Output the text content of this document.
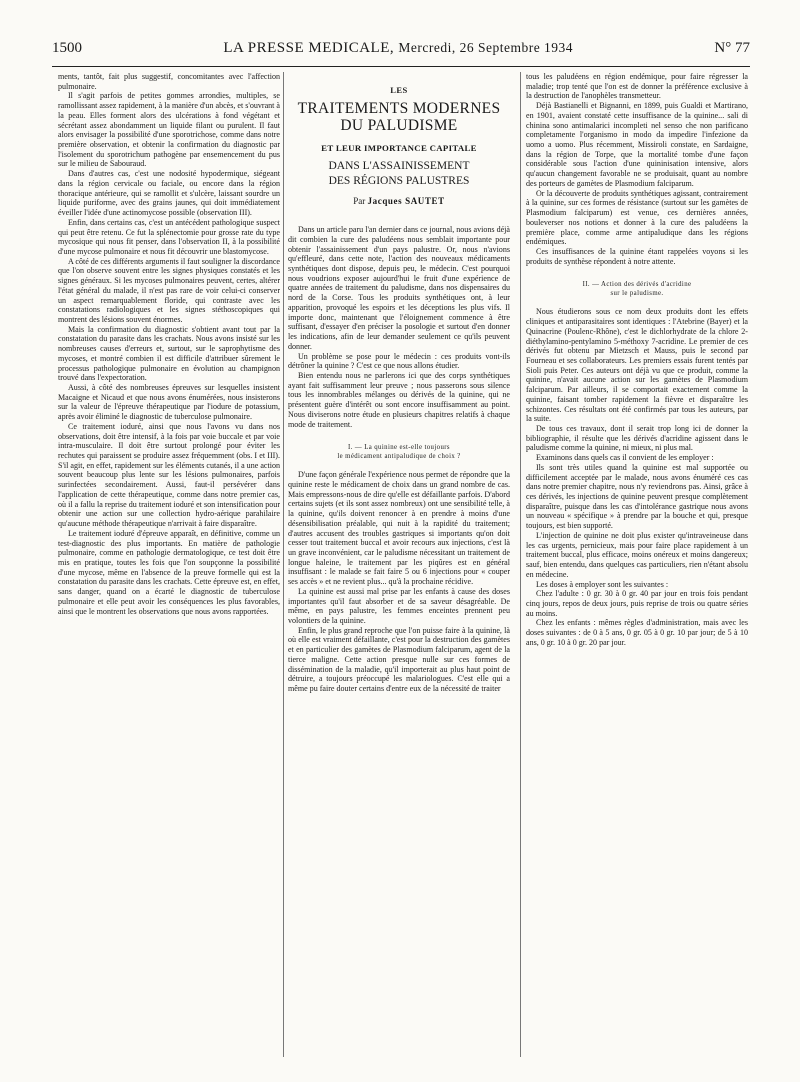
1500	LA PRESSE MEDICALE, Mercredi, 26 Septembre 1934	N° 77

ments, tantôt, fait plus suggestif, concomitantes avec l'affection pulmonaire.

Il s'agit parfois de petites gommes arrondies, multiples, se ramollissant assez rapidement, à la manière d'un abcès, et s'ouvrant à la peau. Elles forment alors des ulcérations à fond végétant et sécrétant assez abondamment un liquide filant ou purulent. Il faut alors envisager la possibilité d'une sporotrichose, comme dans notre première observation, et obtenir la confirmation du diagnostic par l'isolement du sporotrichum pathogène par ensemencement du pus sur le milieu de Sabouraud.

Dans d'autres cas, c'est une nodosité hypodermique, siégeant dans la région cervicale ou faciale, ou encore dans la région thoracique antérieure, qui se ramollit et s'ulcère, laissant sourdre un liquide puriforme, avec des grains jaunes, qui doit immédiatement éveiller l'idée d'une actinomycose possible (observation III).

Enfin, dans certains cas, c'est un antécédent pathologique suspect qui peut être retenu. Ce fut la splénectomie pour grosse rate du type mycosique qui nous fit penser, dans l'observation II, à la possibilité d'une mycose pulmonaire et nous fit découvrir une blastomycose.

A côté de ces différents arguments il faut souligner la discordance que l'on observe souvent entre les signes physiques constatés et les signes généraux. Si les mycoses pulmonaires peuvent, certes, altérer l'état général du malade, il n'est pas rare de voir celui-ci conserver un aspect remarquablement floride, qui contraste avec les constatations radiologiques et les signes stéthoscopiques qui montrent des lésions souvent énormes.

Mais la confirmation du diagnostic s'obtient avant tout par la constatation du parasite dans les crachats. Nous avons insisté sur les nombreuses causes d'erreurs et, surtout, sur le saprophytisme des mycoses, et montré combien il est difficile d'attribuer sûrement le processus pathologique pulmonaire en évolution au champignon trouvé dans l'expectoration.

Aussi, à côté des nombreuses épreuves sur lesquelles insistent Macaigne et Nicaud et que nous avons énumérées, nous insisterons sur la valeur de l'épreuve thérapeutique par l'iodure de potassium, après avoir éliminé le diagnostic de tuberculose pulmonaire.

Ce traitement ioduré, ainsi que nous l'avons vu dans nos observations, doit être intensif, à la fois par voie buccale et par voie intra-musculaire. Il doit être surtout prolongé pour éviter les rechutes qui paraissent se produire assez fréquemment (obs. I et III). S'il agit, en effet, rapidement sur les éléments cutanés, il a une action souvent beaucoup plus lente sur les lésions pulmonaires, parfois surinfectées secondairement. Aussi, faut-il persévérer dans l'application de cette thérapeutique, comme dans notre premier cas, où il a fallu la reprise du traitement ioduré et son intensification pour obtenir une action sur une collection hydro-aérique parahilaire qu'aucune méthode thérapeutique n'arrivait à faire disparaître.

Le traitement ioduré d'épreuve apparaît, en définitive, comme un test-diagnostic des plus importants. En matière de pathologie pulmonaire, comme en pathologie dermatologique, ce test doit être mis en pratique, toutes les fois que l'on soupçonne la possibilité d'une mycose, même en l'absence de la preuve formelle qui est la constatation du parasite dans les crachats. Cette épreuve est, en effet, sans danger, quand on a écarté le diagnostic de tuberculose pulmonaire et elle peut avoir les conséquences les plus favorables, ainsi que le montrent les observations que nous avons rapportées.

LES
TRAITEMENTS MODERNES
DU PALUDISME
ET LEUR IMPORTANCE CAPITALE
DANS L'ASSAINISSEMENT
DES RÉGIONS PALUSTRES
Par Jacques SAUTET

Dans un article paru l'an dernier dans ce journal, nous avions déjà dit combien la cure des paludéens nous semblait importante pour obtenir l'assainissement d'un pays palustre. Or, nous n'avions qu'effleuré, dans cette note, l'action des nouveaux médicaments synthétiques dont dispose, depuis peu, le médecin. C'est pourquoi nous voudrions exposer aujourd'hui le fruit d'une expérience de quatre années de traitement du paludisme, dans nos dispensaires du nord de la Corse. Tous les produits synthétiques ont, à leur apparition, provoqué les espoirs et les déceptions les plus vifs. Il importe donc, maintenant que l'éloignement commence à être suffisant, d'essayer d'en préciser la posologie et surtout d'en donner les indications, afin de leur demander seulement ce qu'ils peuvent donner.

Un problème se pose pour le médecin : ces produits vont-ils détrôner la quinine ? C'est ce que nous allons étudier.

Bien entendu nous ne parlerons ici que des corps synthétiques ayant fait suffisamment leur preuve ; nous passerons sous silence tous les innombrables mélanges ou dérivés de la quinine, qui ne présentent guère d'intérêt ou sont encore insuffisamment au point. Nous diviserons notre étude en plusieurs chapitres relatifs à chaque mode de traitement.

I. — La quinine est-elle toujours
le médicament antipaludique de choix ?

D'une façon générale l'expérience nous permet de répondre que la quinine reste le médicament de choix dans un grand nombre de cas. Mais empressons-nous de dire qu'elle est défaillante parfois. D'abord certains sujets (et ils sont assez nombreux) ont une sensibilité telle, à la quinine, qu'ils doivent renoncer à en prendre à moins d'une désensibilisation préalable, qui nuit à la rapidité du traitement; d'autres accusent des troubles gastriques si importants qu'on doit cesser tout traitement buccal et avoir recours aux injections, c'est là un grave inconvénient, car le paludisme nécessitant un traitement de longue haleine, le traitement par les piqûres est en général insuffisant : le malade se fait faire 5 ou 6 injections pour « couper ses accès » et ne revient plus... qu'à la prochaine récidive.

La quinine est aussi mal prise par les enfants à cause des doses importantes qu'il faut absorber et de sa saveur désagréable. De même, en pays palustre, les femmes enceintes prennent peu volontiers de la quinine.

Enfin, le plus grand reproche que l'on puisse faire à la quinine, là où elle est vraiment défaillante, c'est pour la destruction des gamètes et en particulier des gamètes de Plasmodium falciparum, agent de la tierce maligne. Cette action presque nulle sur ces formes de dissémination de la maladie, qu'il importerait au plus haut point de détruire, a toujours préoccupé les malariologues. C'est elle qui a même pu faire douter certains d'entre eux de la nécessité de traiter

tous les paludéens en région endémique, pour faire régresser la maladie; trop tenté que l'on est de donner la préférence exclusive à la destruction de l'anophèles transmetteur.

Déjà Bastianelli et Bignanni, en 1899, puis Gualdi et Martirano, en 1901, avaient constaté cette insuffisance de la quinine... sali di chinina sono antimalarici incompleti nel senso che non parificano completamente l'organismo in modo da impedire l'infezione da uomo a uomo. Plus récemment, Missiroli constate, en Sardaigne, dans la région de Torpe, que la mortalité tombe d'une façon considérable sous l'action d'une quininisation intensive, alors qu'aucun changement favorable ne se produisait, quant au nombre des porteurs de gamètes de Plasmodium falciparum.

Or la découverte de produits synthétiques agissant, contrairement à la quinine, sur ces formes de résistance (surtout sur les gamètes de Plasmodium falciparum) est venue, ces dernières années, bouleverser nos notions et donner à la cure des paludéens la première place, comme arme antipaludique dans les régions endémiques.

Ces insuffisances de la quinine étant rappelées voyons si les produits de synthèse répondent à notre attente.

II. — Action des dérivés d'acridine
sur le paludisme.

Nous étudierons sous ce nom deux produits dont les effets cliniques et antiparasitaires sont identiques : l'Atebrine (Bayer) et la Quinacrine (Poulenc-Rhône), c'est le dichlorhydrate de la chlore 2-diéthylamino-pentylamino 5-méthoxy 7-acridine. Le premier de ces dérivés fut obtenu par Mietzsch et Mauss, puis le second par Fourneau et ses collaborateurs. Les premiers essais furent tentés par Sioli puis Peter. Ces auteurs ont déjà vu que ce produit, comme la quinine, n'avait aucune action sur les gamètes de Plasmodium falciparum. Par ailleurs, il se comportait exactement comme la quinine, faisant tomber rapidement la fièvre et disparaître les schizontes. Ces résultats ont été confirmés par tous les auteurs, par la suite.

De tous ces travaux, dont il serait trop long ici de donner la bibliographie, il résulte que les dérivés d'acridine agissent dans le paludisme comme la quinine, ni mieux, ni plus mal.

Examinons dans quels cas il convient de les employer :

Ils sont très utiles quand la quinine est mal supportée ou difficilement acceptée par le malade, nous avons énuméré ces cas dans notre premier chapitre, nous n'y reviendrons pas. Ainsi, grâce à ces dérivés, les injections de quinine peuvent presque complètement disparaître, puisque dans les cas d'intolérance gastrique nous avons un nouveau « spécifique » à prendre par la bouche et qui, presque toujours, est bien supporté.

L'injection de quinine ne doit plus exister qu'intraveineuse dans les cas urgents, pernicieux, mais pour faire place rapidement à un traitement buccal, plus efficace, moins onéreux et moins dangereux; sauf, bien entendu, dans quelques cas particuliers, rien n'étant absolu en médecine.

Les doses à employer sont les suivantes :

Chez l'adulte : 0 gr. 30 à 0 gr. 40 par jour en trois fois pendant cinq jours, repos de deux jours, puis reprise de trois ou quatre séries au moins.

Chez les enfants : mêmes règles d'administration, mais avec les doses suivantes : de 0 à 5 ans, 0 gr. 05 à 0 gr. 10 par jour; de 5 à 10 ans, 0 gr. 10 à 0 gr. 20 par jour.
